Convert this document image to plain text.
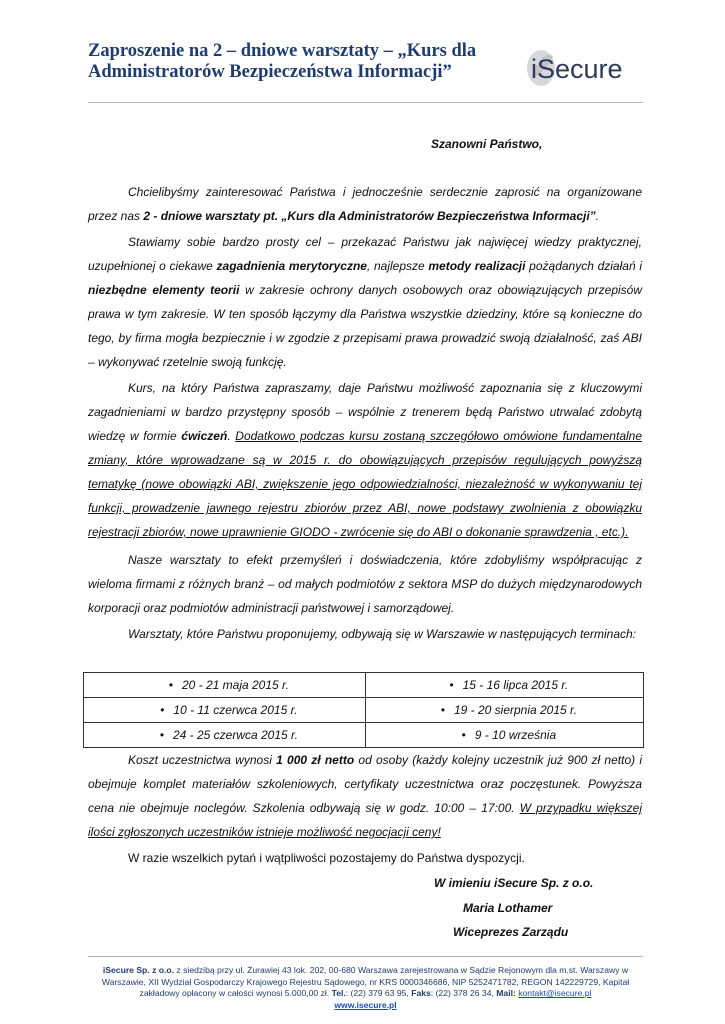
Zaproszenie na 2 – dniowe warsztaty – „Kurs dla
Administratorów Bezpieczeństwa Informacji”	iSecure
Szanowni Państwo,
Chcielibyśmy zainteresować Państwa i jednocześnie serdecznie zaprosić na organizowane przez nas 2 - dniowe warsztaty pt. „Kurs dla Administratorów Bezpieczeństwa Informacji”.
Stawiamy sobie bardzo prosty cel – przekazać Państwu jak najwięcej wiedzy praktycznej, uzupełnionej o ciekawe zagadnienia merytoryczne, najlepsze metody realizacji pożądanych działań i niezbędne elementy teorii w zakresie ochrony danych osobowych oraz obowiązujących przepisów prawa w tym zakresie. W ten sposób łączymy dla Państwa wszystkie dziedziny, które są konieczne do tego, by firma mogła bezpiecznie i w zgodzie z przepisami prawa prowadzić swoją działalność, zaś ABI – wykonywać rzetelnie swoją funkcję.
Kurs, na który Państwa zapraszamy, daje Państwu możliwość zapoznania się z kluczowymi zagadnieniami w bardzo przystępny sposób – wspólnie z trenerem będą Państwo utrwalać zdobytą wiedzę w formie ćwiczeń. Dodatkowo podczas kursu zostaną szczegółowo omówione fundamentalne zmiany, które wprowadzane są w 2015 r. do obowiązujących przepisów regulujących powyższą tematykę (nowe obowiązki ABI, zwiększenie jego odpowiedzialności, niezależność w wykonywaniu tej funkcji, prowadzenie jawnego rejestru zbiorów przez ABI, nowe podstawy zwolnienia z obowiązku rejestracji zbiorów, nowe uprawnienie GIODO - zwrócenie się do ABI o dokonanie sprawdzenia , etc.).
Nasze warsztaty to efekt przemyśleń i doświadczenia, które zdobyliśmy współpracując z wieloma firmami z różnych branż – od małych podmiotów z sektora MSP do dużych międzynarodowych korporacji oraz podmiotów administracji państwowej i samorządowej.
Warsztaty, które Państwu proponujemy, odbywają się w Warszawie w następujących terminach:
• 20 - 21 maja 2015 r.	• 15 - 16 lipca 2015 r.
• 10 - 11 czerwca 2015 r.	• 19 - 20 sierpnia 2015 r.
• 24 - 25 czerwca 2015 r.	• 9 - 10 września
Koszt uczestnictwa wynosi 1 000 zł netto od osoby (każdy kolejny uczestnik już 900 zł netto) i obejmuje komplet materiałów szkoleniowych, certyfikaty uczestnictwa oraz poczęstunek. Powyższa cena nie obejmuje noclegów. Szkolenia odbywają się w godz. 10:00 – 17:00. W przypadku większej ilości zgłoszonych uczestników istnieje możliwość negocjacji ceny!
W razie wszelkich pytań i wątpliwości pozostajemy do Państwa dyspozycji.
W imieniu iSecure Sp. z o.o.
Maria Lothamer
Wiceprezes Zarządu
iSecure Sp. z o.o. z siedzibą przy ul. Żurawiej 43 lok. 202, 00-680 Warszawa zarejestrowana w Sądzie Rejonowym dla m.st. Warszawy w
Warszawie, XII Wydział Gospodarczy Krajowego Rejestru Sądowego, nr KRS 0000346686, NIP 5252471782, REGON 142229729, Kapitał
zakładowy opłacony w całości wynosi 5.000,00 zł. Tel.: (22) 379 63 95, Faks: (22) 378 26 34, Mail: kontakt@isecure.pl
www.isecure.pl
